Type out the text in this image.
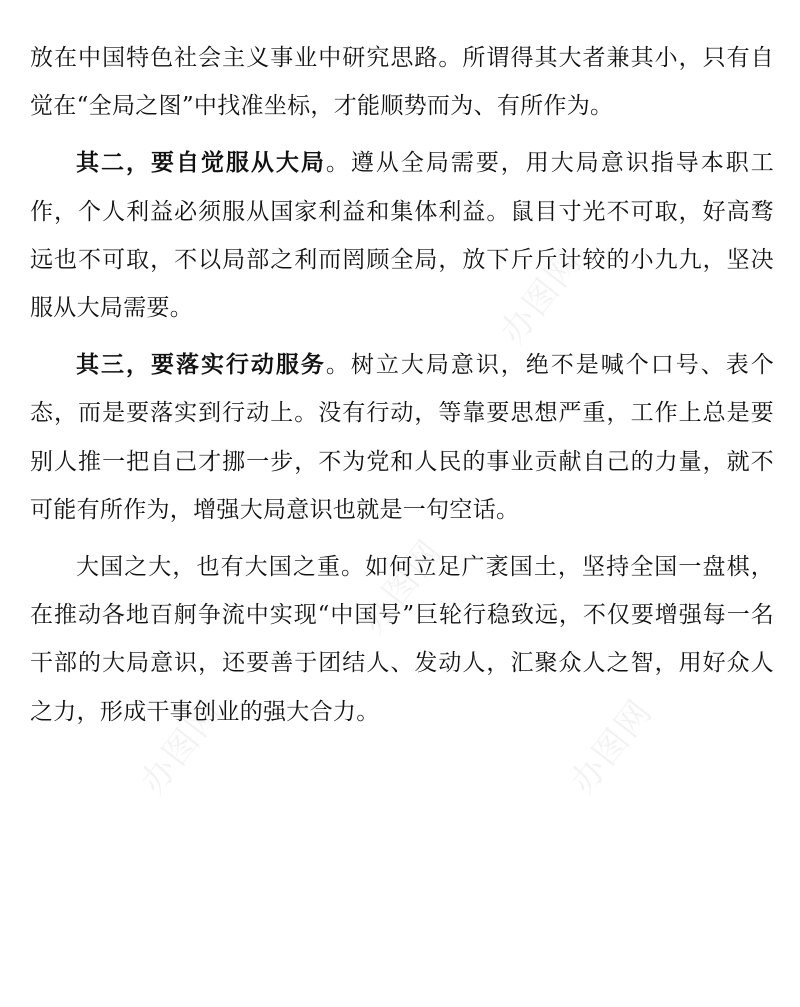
放在中国特色社会主义事业中研究思路。所谓得其大者兼其小，只有自觉在“全局之图”中找准坐标，才能顺势而为、有所作为。

其二，要自觉服从大局。遵从全局需要，用大局意识指导本职工作，个人利益必须服从国家利益和集体利益。鼠目寸光不可取，好高骛远也不可取，不以局部之利而罔顾全局，放下斤斤计较的小九九，坚决服从大局需要。

其三，要落实行动服务。树立大局意识，绝不是喊个口号、表个态，而是要落实到行动上。没有行动，等靠要思想严重，工作上总是要别人推一把自己才挪一步，不为党和人民的事业贡献自己的力量，就不可能有所作为，增强大局意识也就是一句空话。

大国之大，也有大国之重。如何立足广袤国土，坚持全国一盘棋，在推动各地百舸争流中实现“中国号”巨轮行稳致远，不仅要增强每一名干部的大局意识，还要善于团结人、发动人，汇聚众人之智，用好众人之力，形成干事创业的强大合力。

办图网
办图网
办图网	办图网
